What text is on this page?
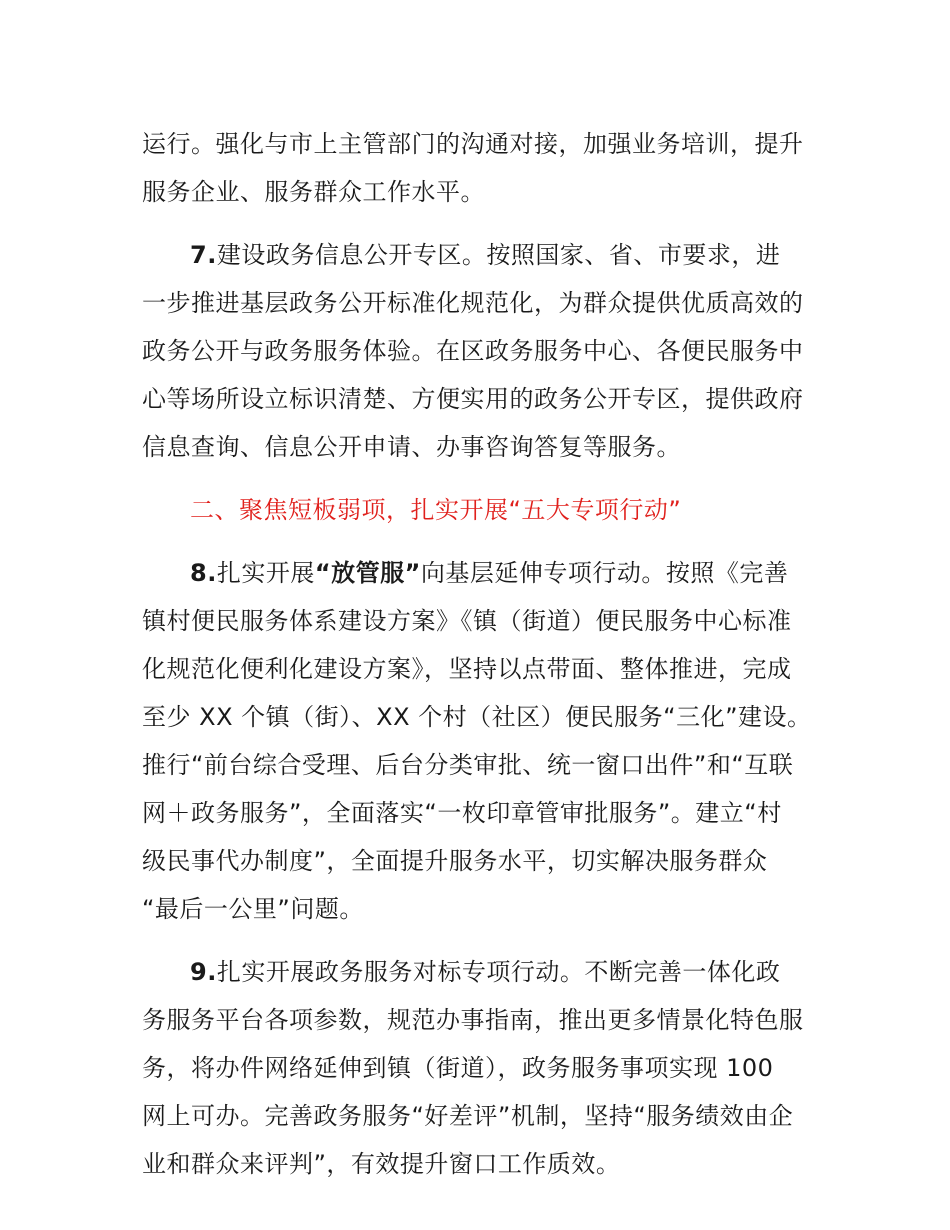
运行。强化与市上主管部门的沟通对接，加强业务培训，提升
服务企业、服务群众工作水平。
7.建设政务信息公开专区。按照国家、省、市要求，进
一步推进基层政务公开标准化规范化，为群众提供优质高效的
政务公开与政务服务体验。在区政务服务中心、各便民服务中
心等场所设立标识清楚、方便实用的政务公开专区，提供政府
信息查询、信息公开申请、办事咨询答复等服务。
二、聚焦短板弱项，扎实开展“五大专项行动”
8.扎实开展“放管服”向基层延伸专项行动。按照《完善
镇村便民服务体系建设方案》《镇（街道）便民服务中心标准
化规范化便利化建设方案》，坚持以点带面、整体推进，完成
至少 XX 个镇（街）、XX 个村（社区）便民服务“三化”建设。
推行“前台综合受理、后台分类审批、统一窗口出件”和“互联
网＋政务服务”，全面落实“一枚印章管审批服务”。建立“村
级民事代办制度”，全面提升服务水平，切实解决服务群众
“最后一公里”问题。
9.扎实开展政务服务对标专项行动。不断完善一体化政
务服务平台各项参数，规范办事指南，推出更多情景化特色服
务，将办件网络延伸到镇（街道），政务服务事项实现 100
网上可办。完善政务服务“好差评”机制，坚持“服务绩效由企
业和群众来评判”，有效提升窗口工作质效。
